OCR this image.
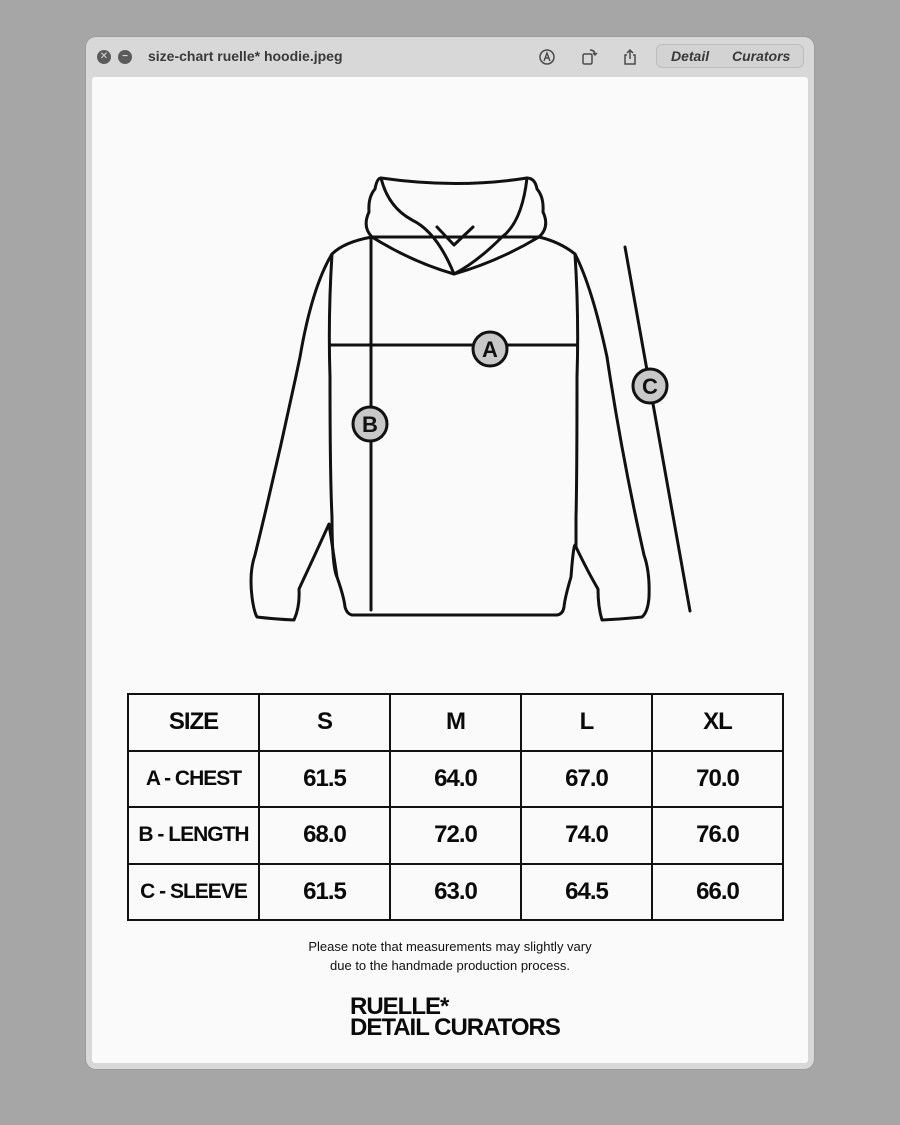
✕	− size-chart ruelle* hoodie.jpeg	Detail Curators
A
B
C
SIZE	S	M	L	XL
A - CHEST	61.5	64.0	67.0	70.0
B - LENGTH	68.0	72.0	74.0	76.0
C - SLEEVE	61.5	63.0	64.5	66.0
Please note that measurements may slightly vary
due to the handmade production process.
RUELLE*
DETAIL CURATORS
